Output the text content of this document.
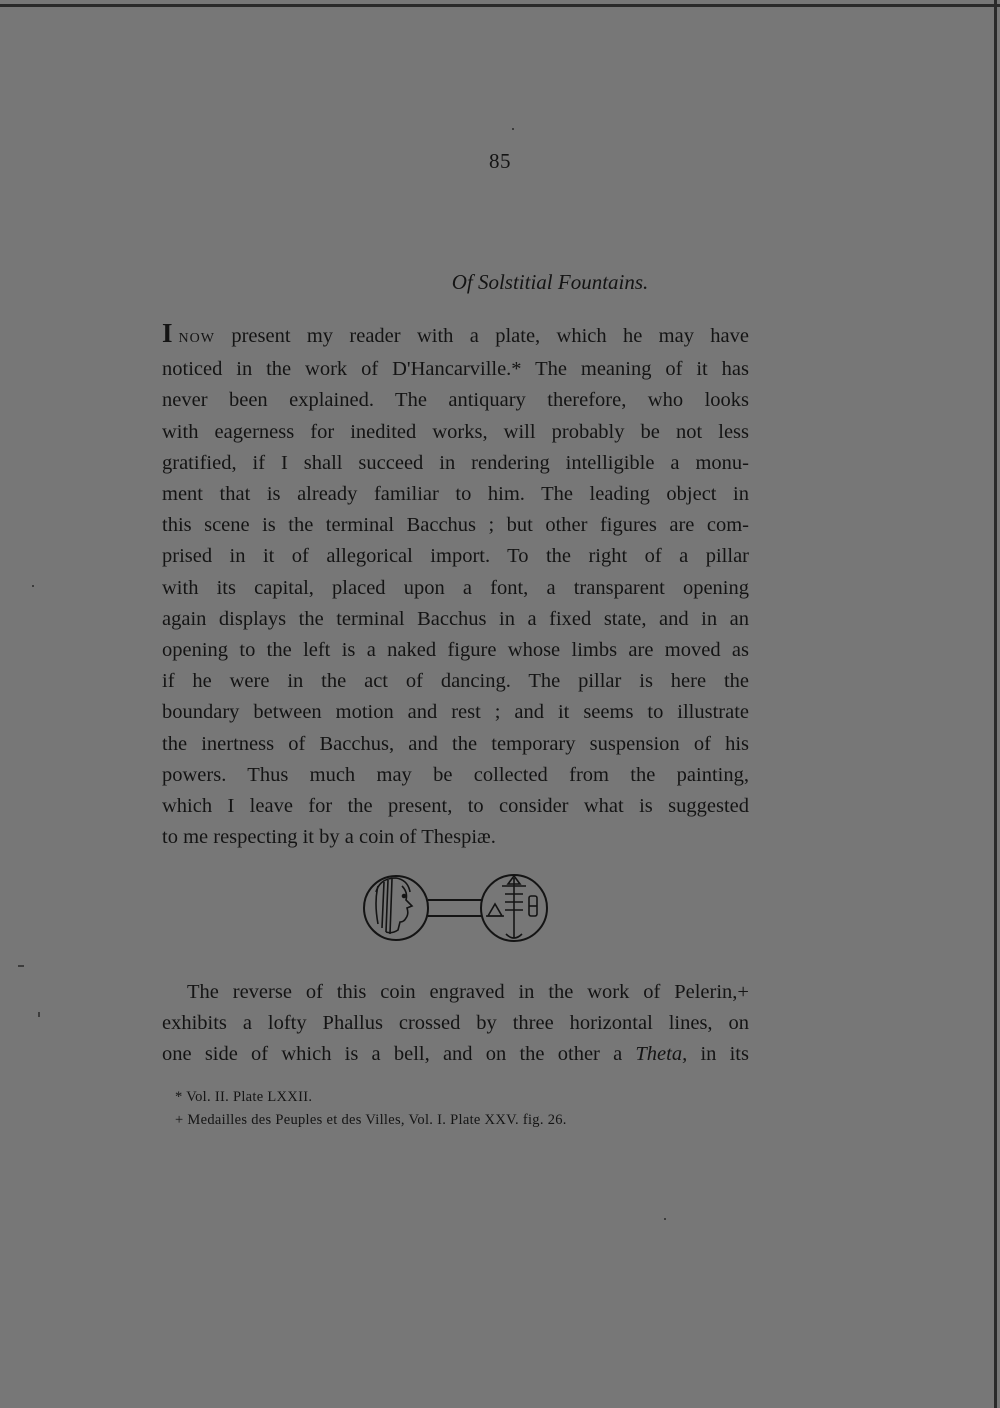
85
Of Solstitial Fountains.
INOW present my reader with a plate, which he may have
noticed in the work of D'Hancarville.* The meaning of it has
never been explained. The antiquary therefore, who looks
with eagerness for inedited works, will probably be not less
gratified, if I shall succeed in rendering intelligible a monu-
ment that is already familiar to him. The leading object in
this scene is the terminal Bacchus ; but other figures are com-
prised in it of allegorical import. To the right of a pillar
with its capital, placed upon a font, a transparent opening
again displays the terminal Bacchus in a fixed state, and in an
opening to the left is a naked figure whose limbs are moved as
if he were in the act of dancing. The pillar is here the
boundary between motion and rest ; and it seems to illustrate
the inertness of Bacchus, and the temporary suspension of his
powers. Thus much may be collected from the painting,
which I leave for the present, to consider what is suggested
to me respecting it by a coin of Thespiæ.
The reverse of this coin engraved in the work of Pelerin,+
exhibits a lofty Phallus crossed by three horizontal lines, on
one side of which is a bell, and on the other a Theta, in its
* Vol. II. Plate LXXII.
+ Medailles des Peuples et des Villes, Vol. I. Plate XXV. fig. 26.
